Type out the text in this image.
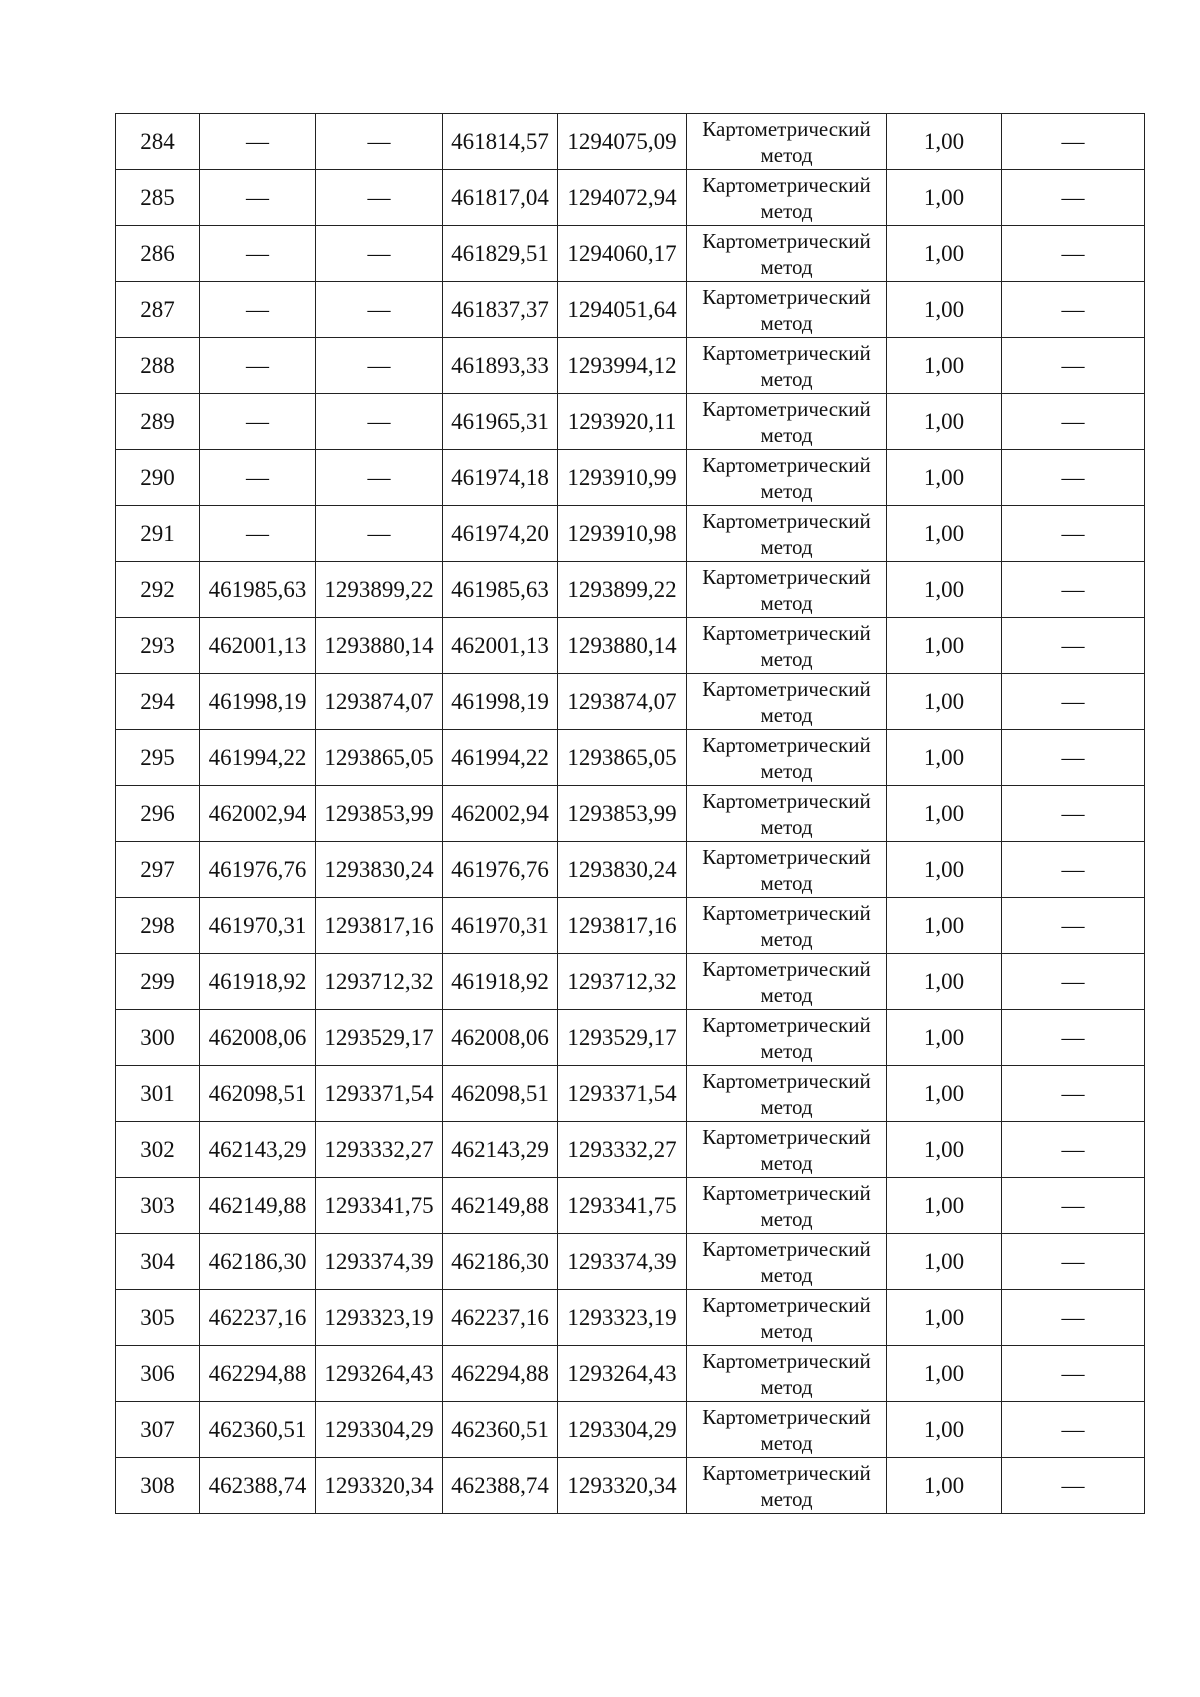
284	—	—	461814,57	1294075,09	Картометрический
метод	1,00	—
285	—	—	461817,04	1294072,94	Картометрический
метод	1,00	—
286	—	—	461829,51	1294060,17	Картометрический
метод	1,00	—
287	—	—	461837,37	1294051,64	Картометрический
метод	1,00	—
288	—	—	461893,33	1293994,12	Картометрический
метод	1,00	—
289	—	—	461965,31	1293920,11	Картометрический
метод	1,00	—
290	—	—	461974,18	1293910,99	Картометрический
метод	1,00	—
291	—	—	461974,20	1293910,98	Картометрический
метод	1,00	—
292	461985,63	1293899,22	461985,63	1293899,22	Картометрический
метод	1,00	—
293	462001,13	1293880,14	462001,13	1293880,14	Картометрический
метод	1,00	—
294	461998,19	1293874,07	461998,19	1293874,07	Картометрический
метод	1,00	—
295	461994,22	1293865,05	461994,22	1293865,05	Картометрический
метод	1,00	—
296	462002,94	1293853,99	462002,94	1293853,99	Картометрический
метод	1,00	—
297	461976,76	1293830,24	461976,76	1293830,24	Картометрический
метод	1,00	—
298	461970,31	1293817,16	461970,31	1293817,16	Картометрический
метод	1,00	—
299	461918,92	1293712,32	461918,92	1293712,32	Картометрический
метод	1,00	—
300	462008,06	1293529,17	462008,06	1293529,17	Картометрический
метод	1,00	—
301	462098,51	1293371,54	462098,51	1293371,54	Картометрический
метод	1,00	—
302	462143,29	1293332,27	462143,29	1293332,27	Картометрический
метод	1,00	—
303	462149,88	1293341,75	462149,88	1293341,75	Картометрический
метод	1,00	—
304	462186,30	1293374,39	462186,30	1293374,39	Картометрический
метод	1,00	—
305	462237,16	1293323,19	462237,16	1293323,19	Картометрический
метод	1,00	—
306	462294,88	1293264,43	462294,88	1293264,43	Картометрический
метод	1,00	—
307	462360,51	1293304,29	462360,51	1293304,29	Картометрический
метод	1,00	—
308	462388,74	1293320,34	462388,74	1293320,34	Картометрический
метод	1,00	—
